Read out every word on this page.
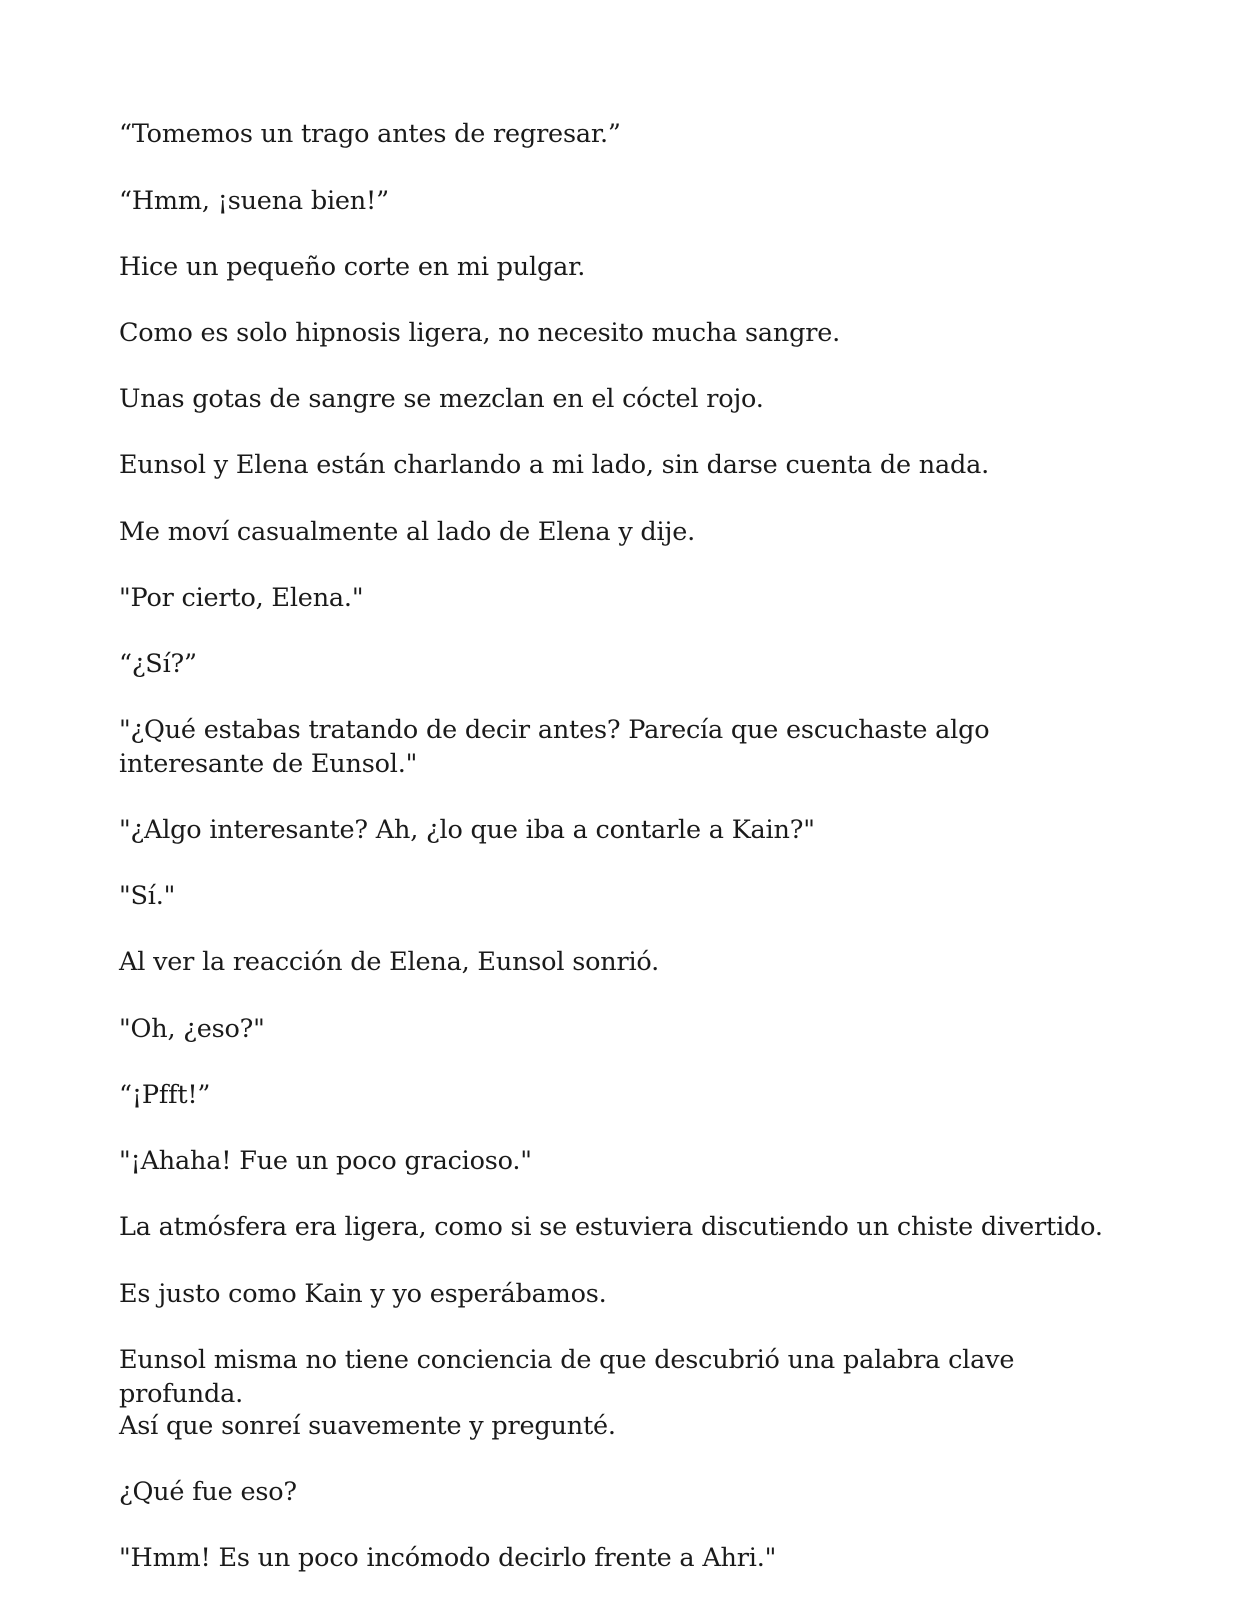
“Tomemos un trago antes de regresar.”

“Hmm, ¡suena bien!”

Hice un pequeño corte en mi pulgar.

Como es solo hipnosis ligera, no necesito mucha sangre.

Unas gotas de sangre se mezclan en el cóctel rojo.

Eunsol y Elena están charlando a mi lado, sin darse cuenta de nada.

Me moví casualmente al lado de Elena y dije.

"Por cierto, Elena."

“¿Sí?”

"¿Qué estabas tratando de decir antes? Parecía que escuchaste algo interesante de Eunsol."

"¿Algo interesante? Ah, ¿lo que iba a contarle a Kain?"

"Sí."

Al ver la reacción de Elena, Eunsol sonrió.

"Oh, ¿eso?"

“¡Pfft!”

"¡Ahaha! Fue un poco gracioso."

La atmósfera era ligera, como si se estuviera discutiendo un chiste divertido.

Es justo como Kain y yo esperábamos.

Eunsol misma no tiene conciencia de que descubrió una palabra clave profunda.

Así que sonreí suavemente y pregunté.

¿Qué fue eso?

"Hmm! Es un poco incómodo decirlo frente a Ahri."
